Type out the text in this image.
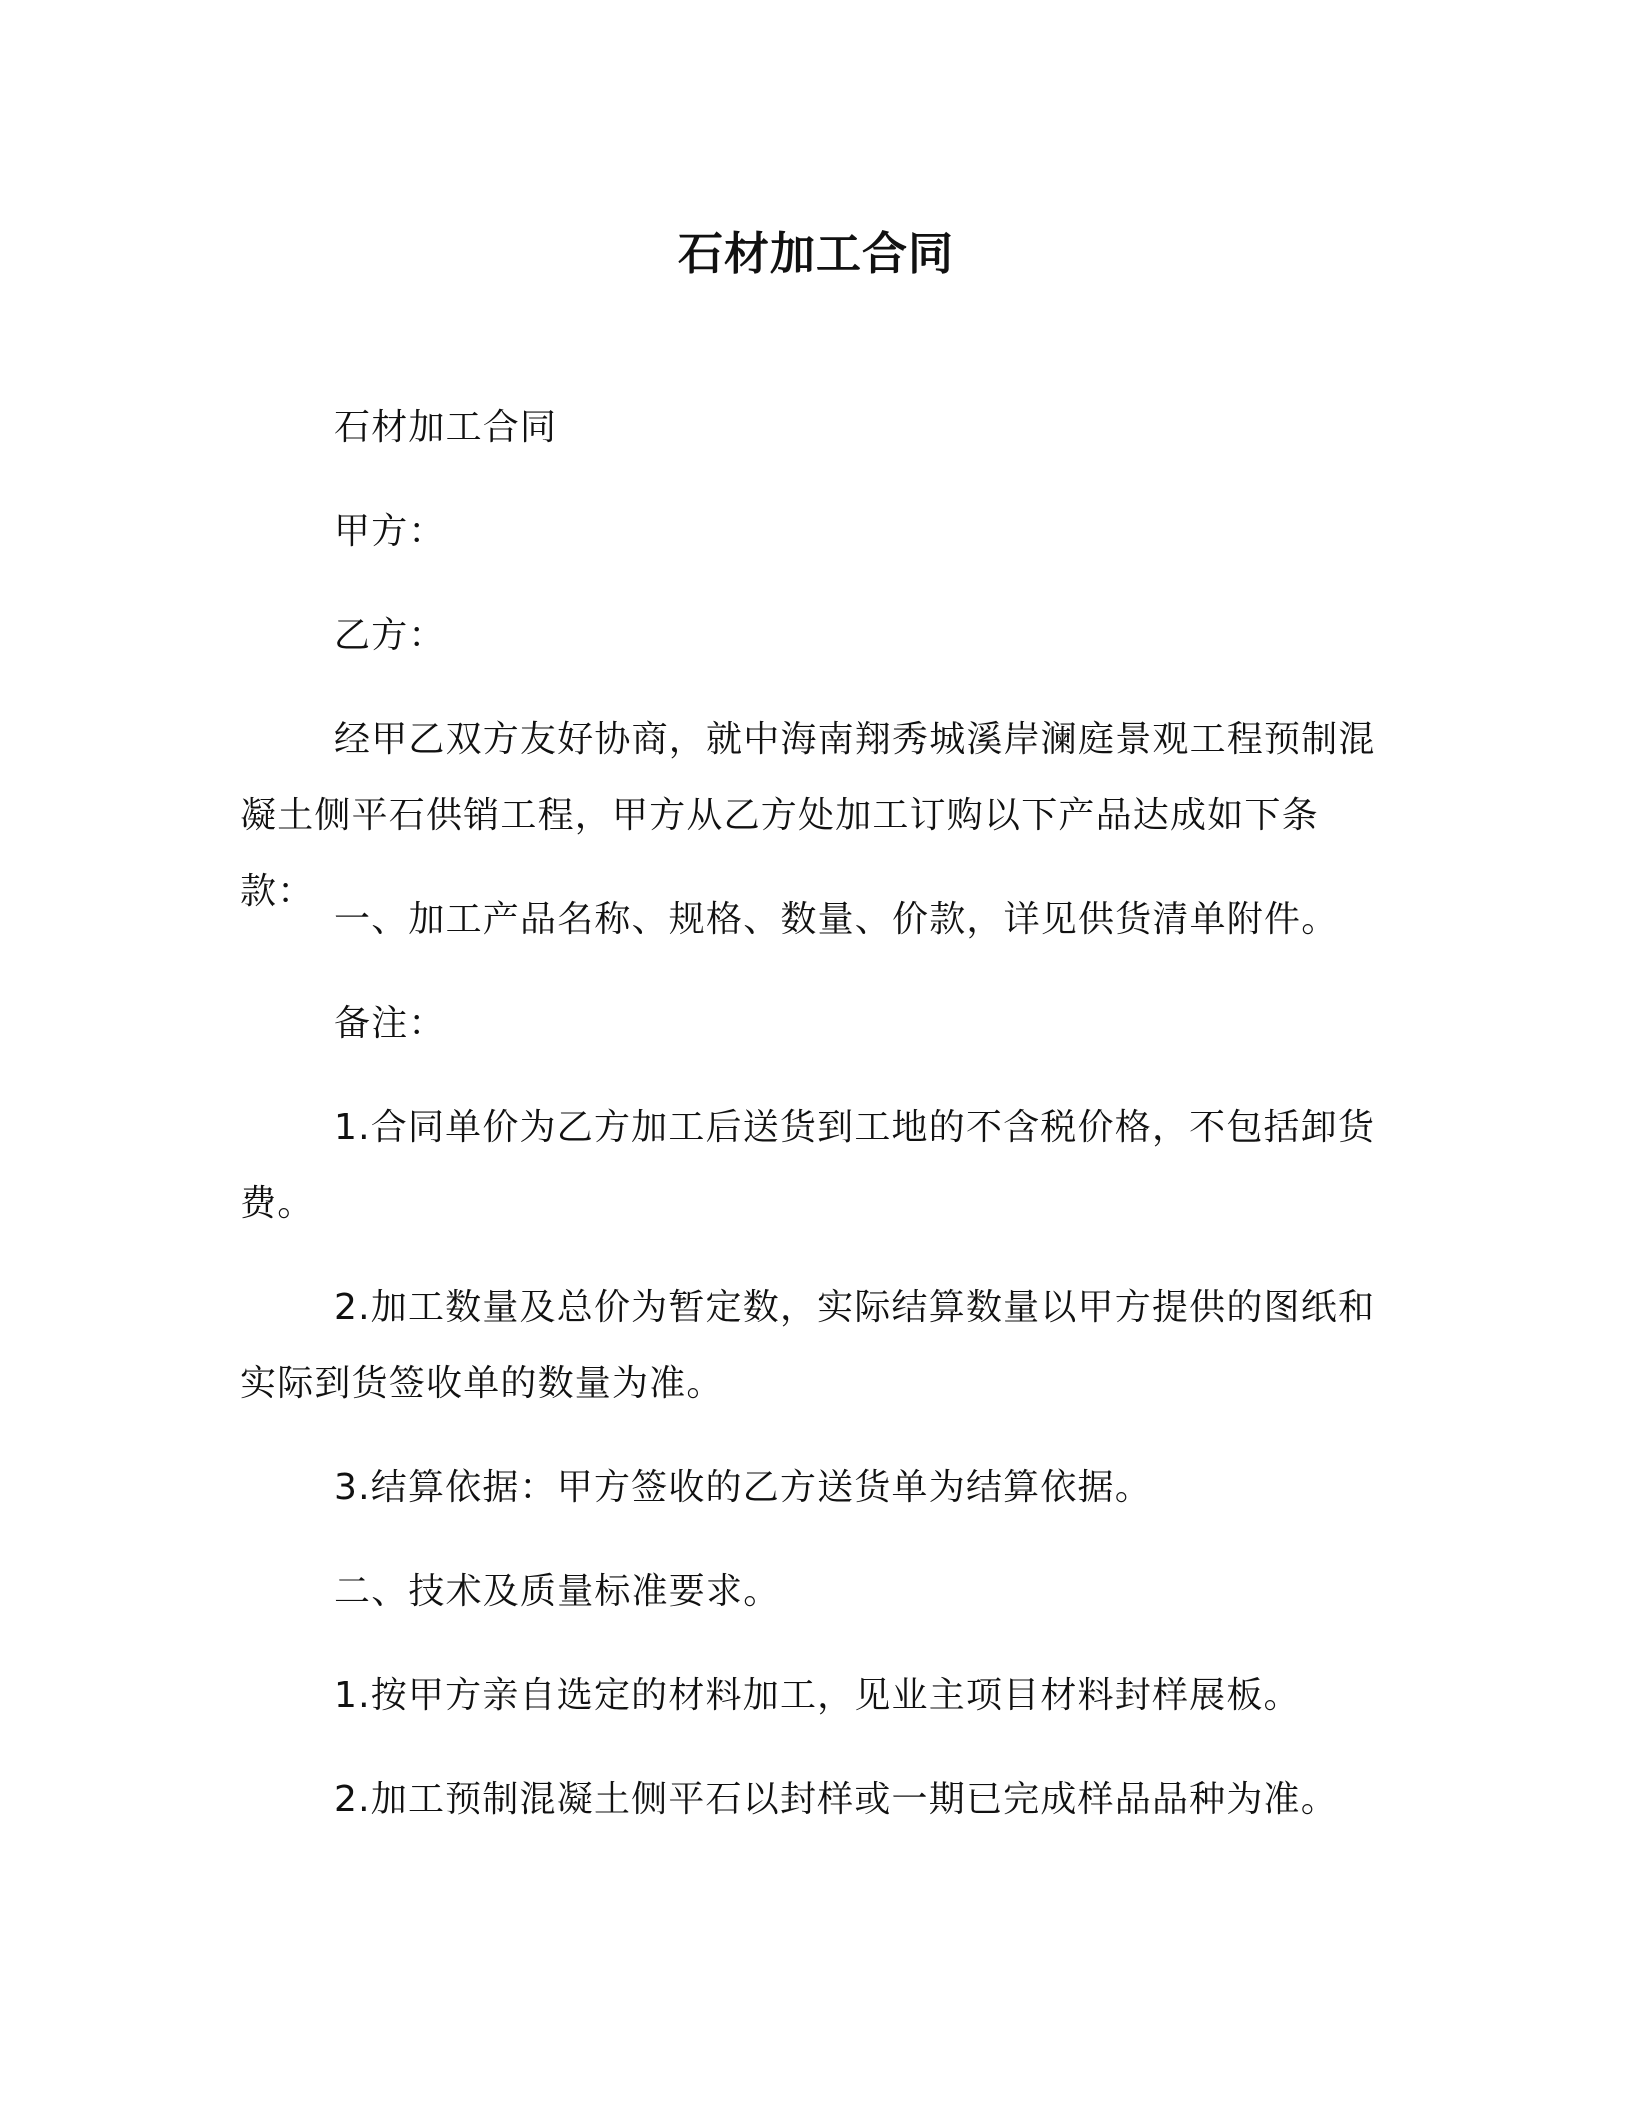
石材加工合同

石材加工合同

甲方：

乙方：

经甲乙双方友好协商，就中海南翔秀城溪岸澜庭景观工程预制混凝土侧平石供销工程，甲方从乙方处加工订购以下产品达成如下条款：

一、加工产品名称、规格、数量、价款，详见供货清单附件。

备注：

1.合同单价为乙方加工后送货到工地的不含税价格，不包括卸货费。

2.加工数量及总价为暂定数，实际结算数量以甲方提供的图纸和实际到货签收单的数量为准。

3.结算依据：甲方签收的乙方送货单为结算依据。

二、技术及质量标准要求。

1.按甲方亲自选定的材料加工，见业主项目材料封样展板。

2.加工预制混凝土侧平石以封样或一期已完成样品品种为准。
